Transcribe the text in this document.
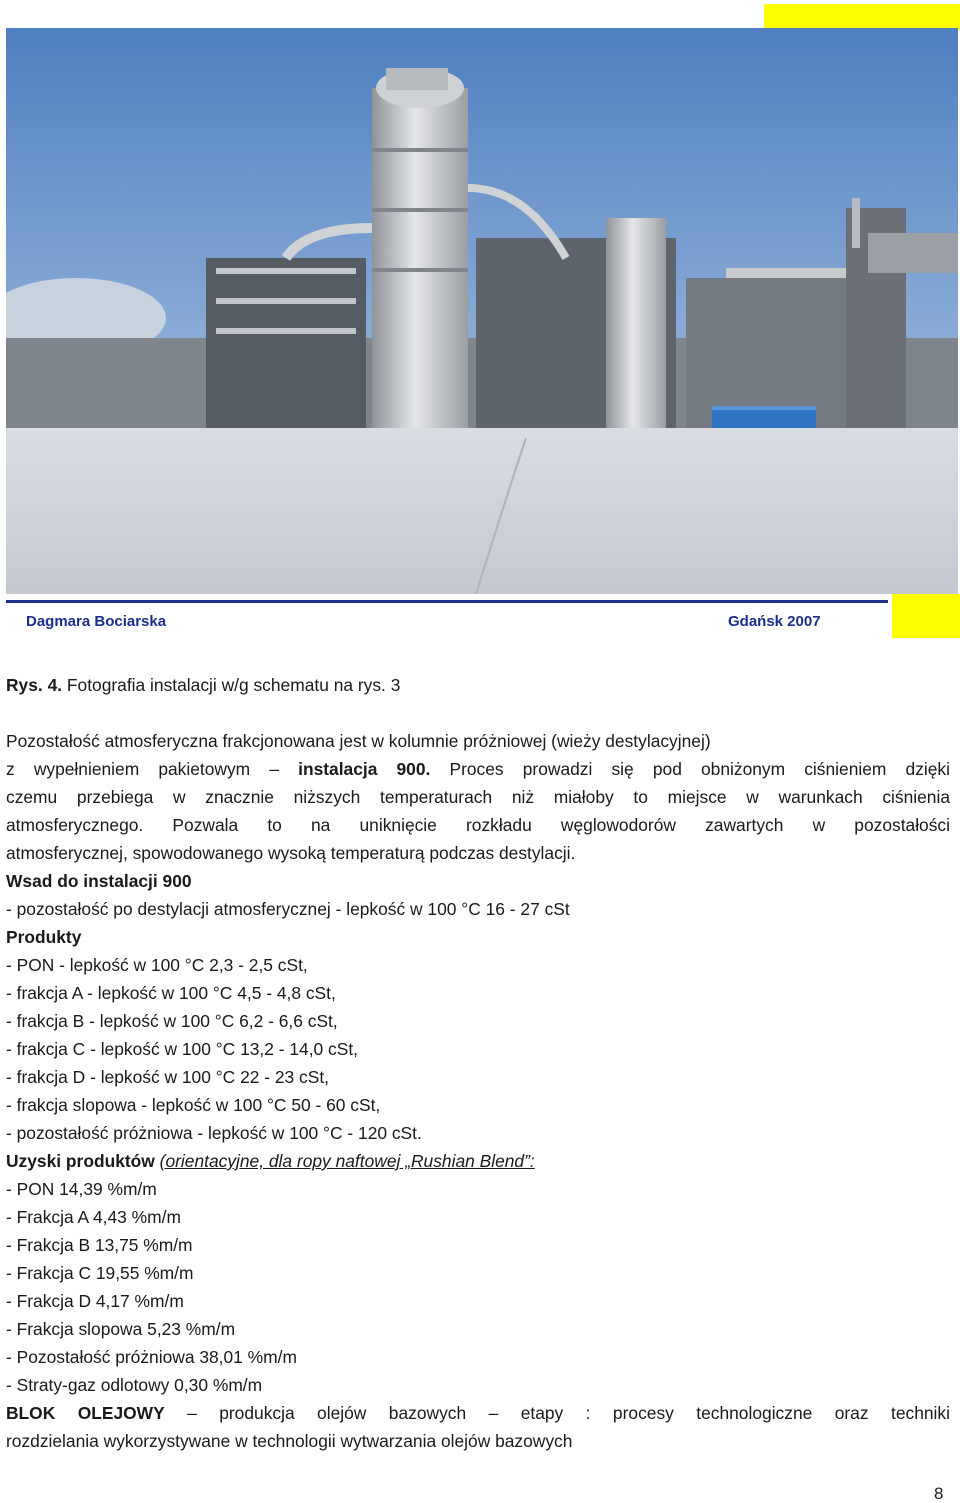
Dagmara Bociarska	Gdańsk 2007
Rys. 4. Fotografia instalacji w/g schematu na rys. 3
Pozostałość atmosferyczna frakcjonowana jest w kolumnie próżniowej (wieży destylacyjnej)
z wypełnieniem pakietowym – instalacja 900. Proces prowadzi się pod obniżonym ciśnieniem dzięki
czemu przebiega w znacznie niższych temperaturach niż miałoby to miejsce w warunkach ciśnienia
atmosferycznego. Pozwala to na uniknięcie rozkładu węglowodorów zawartych w pozostałości
atmosferycznej, spowodowanego wysoką temperaturą podczas destylacji.
Wsad do instalacji 900
- pozostałość po destylacji atmosferycznej - lepkość w 100 °C 16 - 27 cSt
Produkty
- PON - lepkość w 100 °C 2,3 - 2,5 cSt,
- frakcja A - lepkość w 100 °C 4,5 - 4,8 cSt,
- frakcja B - lepkość w 100 °C 6,2 - 6,6 cSt,
- frakcja C - lepkość w 100 °C 13,2 - 14,0 cSt,
- frakcja D - lepkość w 100 °C 22 - 23 cSt,
- frakcja slopowa - lepkość w 100 °C 50 - 60 cSt,
- pozostałość próżniowa - lepkość w 100 °C - 120 cSt.
Uzyski produktów (orientacyjne, dla ropy naftowej „Rushian Blend”:
- PON 14,39 %m/m
- Frakcja A 4,43 %m/m
- Frakcja B 13,75 %m/m
- Frakcja C 19,55 %m/m
- Frakcja D 4,17 %m/m
- Frakcja slopowa 5,23 %m/m
- Pozostałość próżniowa 38,01 %m/m
- Straty-gaz odlotowy 0,30 %m/m
BLOK OLEJOWY – produkcja olejów bazowych – etapy : procesy technologiczne oraz techniki
rozdzielania wykorzystywane w technologii wytwarzania olejów bazowych
8
